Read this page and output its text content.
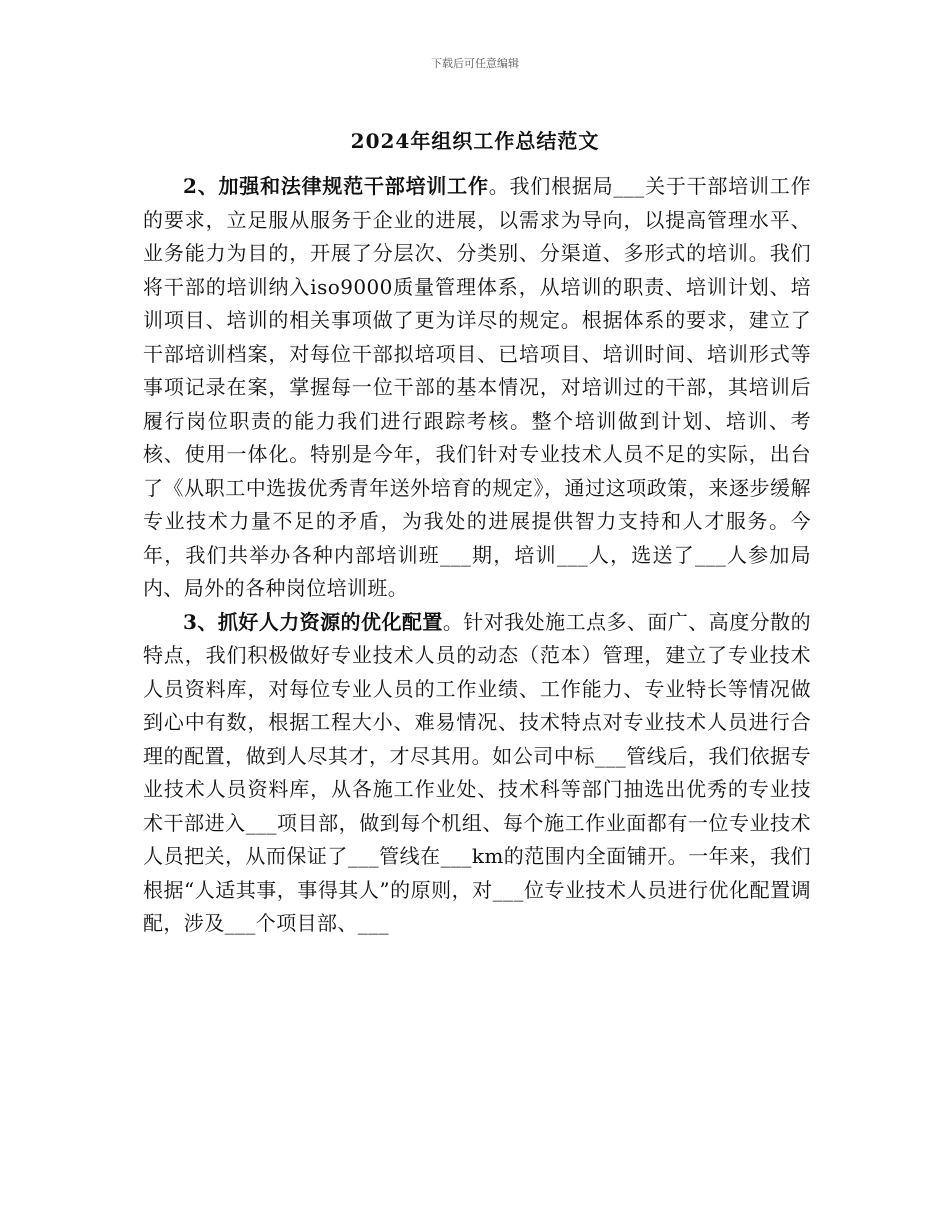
下载后可任意编辑
2024年组织工作总结范文

2、加强和法律规范干部培训工作。我们根据局___关于干部培训工作的要求，立足服从服务于企业的进展，以需求为导向，以提高管理水平、业务能力为目的，开展了分层次、分类别、分渠道、多形式的培训。我们将干部的培训纳入iso9000质量管理体系，从培训的职责、培训计划、培训项目、培训的相关事项做了更为详尽的规定。根据体系的要求，建立了干部培训档案，对每位干部拟培项目、已培项目、培训时间、培训形式等事项记录在案，掌握每一位干部的基本情况，对培训过的干部，其培训后履行岗位职责的能力我们进行跟踪考核。整个培训做到计划、培训、考核、使用一体化。特别是今年，我们针对专业技术人员不足的实际，出台了《从职工中选拔优秀青年送外培育的规定》，通过这项政策，来逐步缓解专业技术力量不足的矛盾，为我处的进展提供智力支持和人才服务。今年，我们共举办各种内部培训班___期，培训___人，选送了___人参加局内、局外的各种岗位培训班。

3、抓好人力资源的优化配置。针对我处施工点多、面广、高度分散的特点，我们积极做好专业技术人员的动态（范本）管理，建立了专业技术人员资料库，对每位专业人员的工作业绩、工作能力、专业特长等情况做到心中有数，根据工程大小、难易情况、技术特点对专业技术人员进行合理的配置，做到人尽其才，才尽其用。如公司中标___管线后，我们依据专业技术人员资料库，从各施工作业处、技术科等部门抽选出优秀的专业技术干部进入___项目部，做到每个机组、每个施工作业面都有一位专业技术人员把关，从而保证了___管线在___km的范围内全面铺开。一年来，我们根据“人适其事，事得其人”的原则，对___位专业技术人员进行优化配置调配，涉及___个项目部、___
